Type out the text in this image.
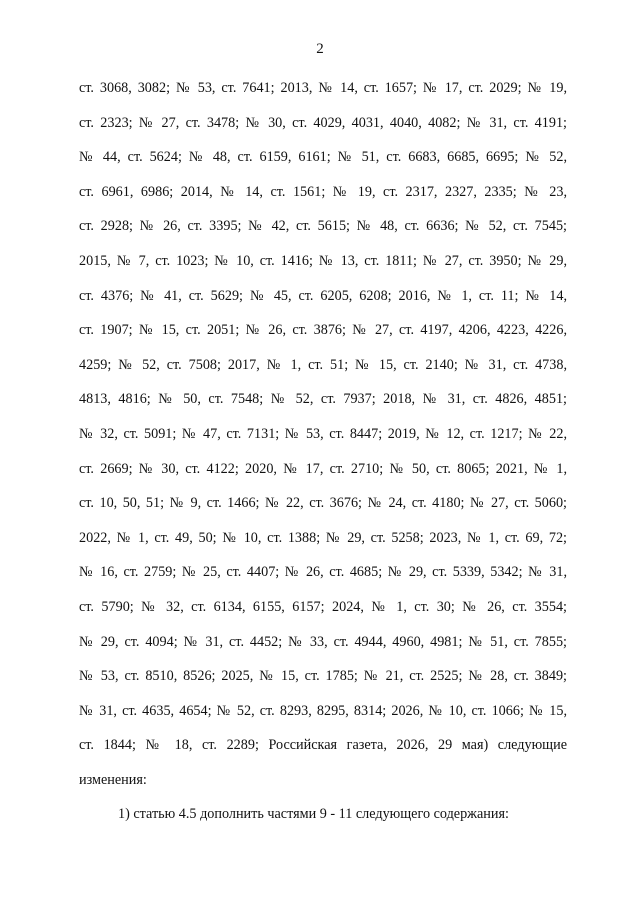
2
ст. 3068, 3082; № 53, ст. 7641; 2013, № 14, ст. 1657; № 17, ст. 2029; № 19,
ст. 2323; № 27, ст. 3478; № 30, ст. 4029, 4031, 4040, 4082; № 31, ст. 4191;
№ 44, ст. 5624; № 48, ст. 6159, 6161; № 51, ст. 6683, 6685, 6695; № 52,
ст. 6961, 6986; 2014, № 14, ст. 1561; № 19, ст. 2317, 2327, 2335; № 23,
ст. 2928; № 26, ст. 3395; № 42, ст. 5615; № 48, ст. 6636; № 52, ст. 7545;
2015, № 7, ст. 1023; № 10, ст. 1416; № 13, ст. 1811; № 27, ст. 3950; № 29,
ст. 4376; № 41, ст. 5629; № 45, ст. 6205, 6208; 2016, № 1, ст. 11; № 14,
ст. 1907; № 15, ст. 2051; № 26, ст. 3876; № 27, ст. 4197, 4206, 4223, 4226,
4259; № 52, ст. 7508; 2017, № 1, ст. 51; № 15, ст. 2140; № 31, ст. 4738,
4813, 4816; № 50, ст. 7548; № 52, ст. 7937; 2018, № 31, ст. 4826, 4851;
№ 32, ст. 5091; № 47, ст. 7131; № 53, ст. 8447; 2019, № 12, ст. 1217; № 22,
ст. 2669; № 30, ст. 4122; 2020, № 17, ст. 2710; № 50, ст. 8065; 2021, № 1,
ст. 10, 50, 51; № 9, ст. 1466; № 22, ст. 3676; № 24, ст. 4180; № 27, ст. 5060;
2022, № 1, ст. 49, 50; № 10, ст. 1388; № 29, ст. 5258; 2023, № 1, ст. 69, 72;
№ 16, ст. 2759; № 25, ст. 4407; № 26, ст. 4685; № 29, ст. 5339, 5342; № 31,
ст. 5790; № 32, ст. 6134, 6155, 6157; 2024, № 1, ст. 30; № 26, ст. 3554;
№ 29, ст. 4094; № 31, ст. 4452; № 33, ст. 4944, 4960, 4981; № 51, ст. 7855;
№ 53, ст. 8510, 8526; 2025, № 15, ст. 1785; № 21, ст. 2525; № 28, ст. 3849;
№ 31, ст. 4635, 4654; № 52, ст. 8293, 8295, 8314; 2026, № 10, ст. 1066; № 15,
ст. 1844; № 18, ст. 2289; Российская газета, 2026, 29 мая) следующие
изменения:
1) статью 4.5 дополнить частями 9 - 11 следующего содержания:
